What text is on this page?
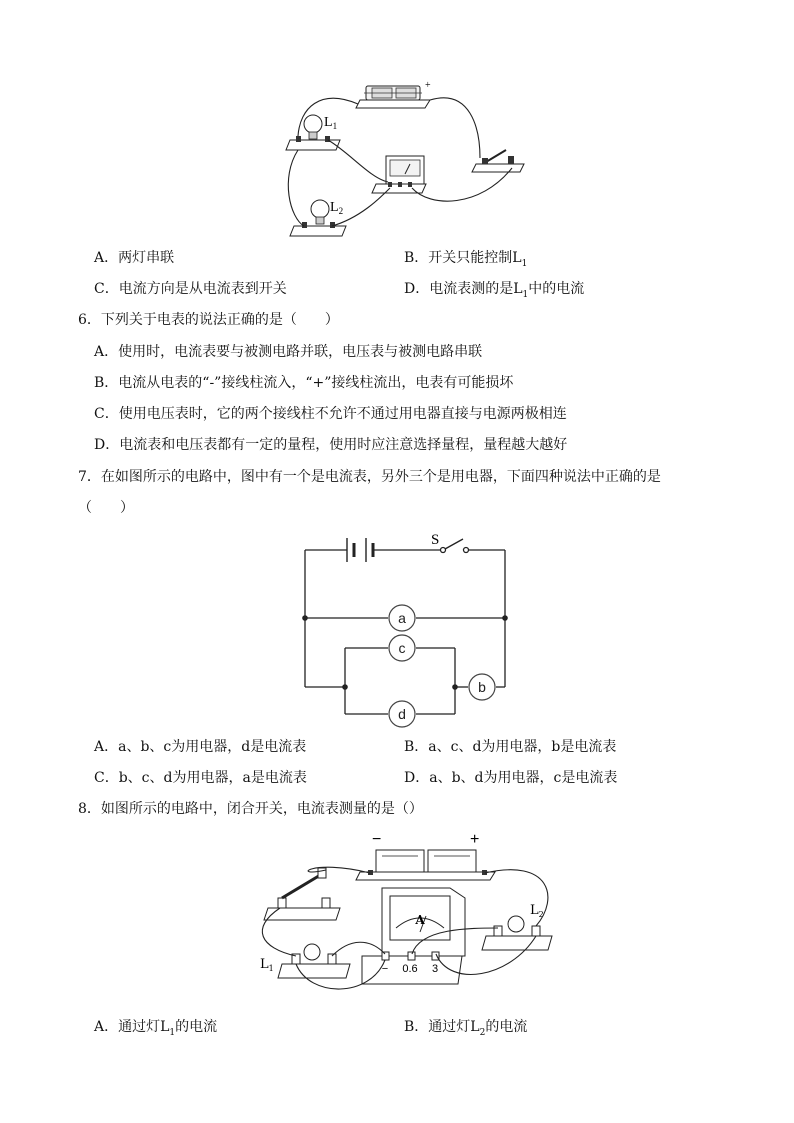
$L_1$
$L_2$
+
A．两灯串联	B．开关只能控制$L_1$
C．电流方向是从电流表到开关	D．电流表测的是$L_1$中的电流
6．下列关于电表的说法正确的是（　　）
A．使用时，电流表要与被测电路并联，电压表与被测电路串联
B．电流从电表的“-”接线柱流入，“+”接线柱流出，电表有可能损坏
C．使用电压表时，它的两个接线柱不允许不通过用电器直接与电源两极相连
D．电流表和电压表都有一定的量程，使用时应注意选择量程，量程越大越好
7．在如图所示的电路中，图中有一个是电流表，另外三个是用电器，下面四种说法中正确的是
（　　）
S
a
c
d
b
A．a、b、c为用电器，d是电流表	B．a、c、d为用电器，b是电流表
C．b、c、d为用电器，a是电流表	D．a、b、d为用电器，c是电流表
8．如图所示的电路中，闭合开关，电流表测量的是（）
−	+
A
− 0.6 3
$L_1$
$L_2$
A．通过灯$L_1$的电流	B．通过灯$L_2$的电流
